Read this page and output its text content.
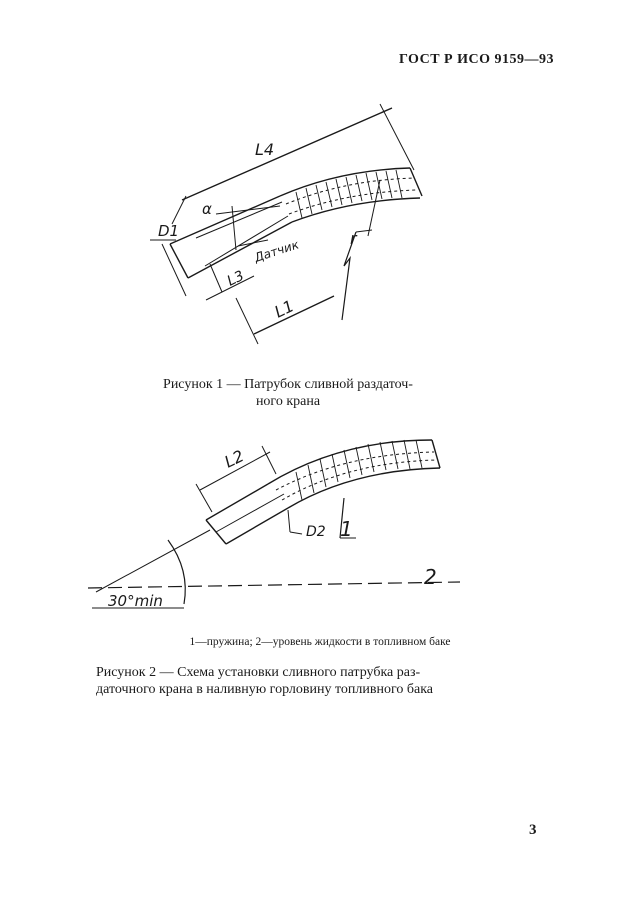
ГОСТ Р ИСО 9159—93
L4
D1
α
Датчик
L3
L1
r
Рисунок 1 — Патрубок сливной раздаточ-
ного крана
L2
D2 1
2
30°min
1—пружина; 2—уровень жидкости в топливном баке
Рисунок 2 — Схема установки сливного патрубка раз-
даточного крана в наливную горловину топливного бака
3
